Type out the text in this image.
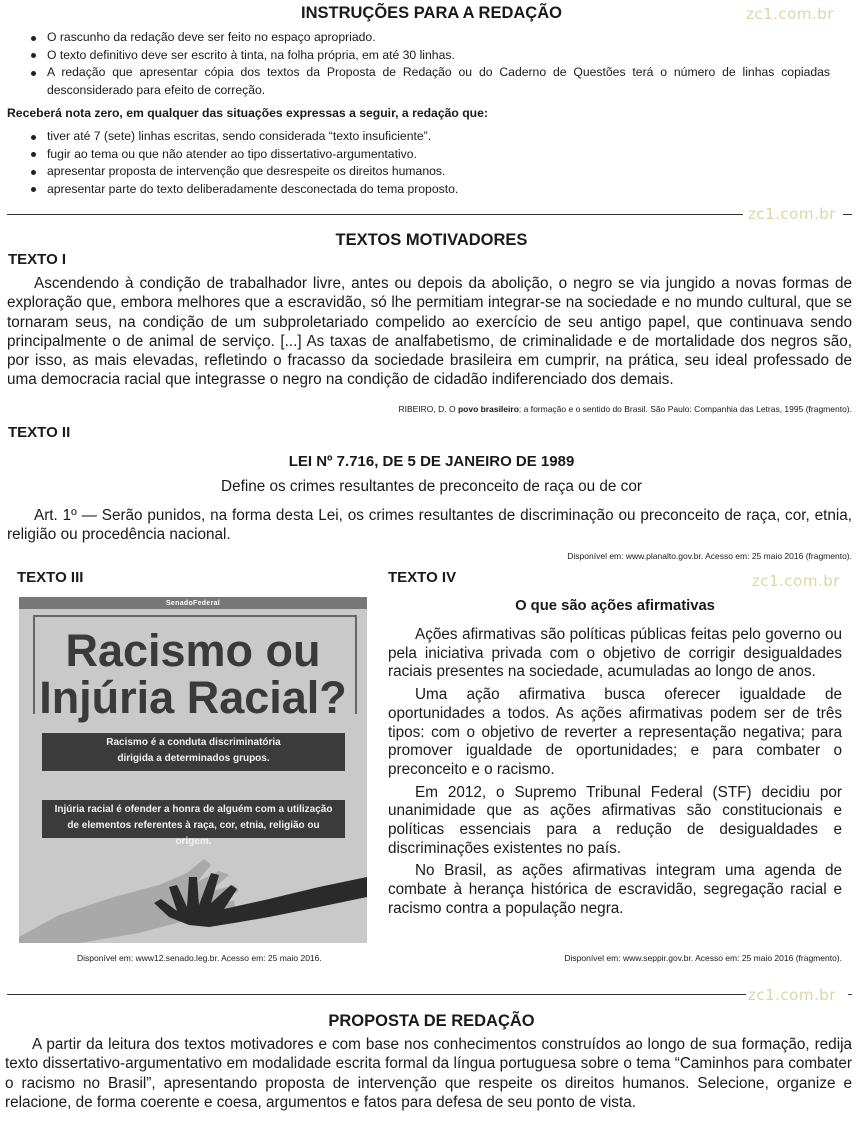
zc1.com.br
zc1.com.br
zc1.com.br
zc1.com.br
INSTRUÇÕES PARA A REDAÇÃO
O rascunho da redação deve ser feito no espaço apropriado.
O texto definitivo deve ser escrito à tinta, na folha própria, em até 30 linhas.
A redação que apresentar cópia dos textos da Proposta de Redação ou do Caderno de Questões terá o número de linhas copiadas desconsiderado para efeito de correção.
Receberá nota zero, em qualquer das situações expressas a seguir, a redação que:
tiver até 7 (sete) linhas escritas, sendo considerada “texto insuficiente”.
fugir ao tema ou que não atender ao tipo dissertativo-argumentativo.
apresentar proposta de intervenção que desrespeite os direitos humanos.
apresentar parte do texto deliberadamente desconectada do tema proposto.
TEXTOS MOTIVADORES
TEXTO I

Ascendendo à condição de trabalhador livre, antes ou depois da abolição, o negro se via jungido a novas formas de exploração que, embora melhores que a escravidão, só lhe permitiam integrar-se na sociedade e no mundo cultural, que se tornaram seus, na condição de um subproletariado compelido ao exercício de seu antigo papel, que continuava sendo principalmente o de animal de serviço. [...] As taxas de analfabetismo, de criminalidade e de mortalidade dos negros são, por isso, as mais elevadas, refletindo o fracasso da sociedade brasileira em cumprir, na prática, seu ideal professado de uma democracia racial que integrasse o negro na condição de cidadão indiferenciado dos demais.

RIBEIRO, D. O povo brasileiro: a formação e o sentido do Brasil. São Paulo: Companhia das Letras, 1995 (fragmento).
TEXTO II
LEI Nº 7.716, DE 5 DE JANEIRO DE 1989
Define os crimes resultantes de preconceito de raça ou de cor

Art. 1º — Serão punidos, na forma desta Lei, os crimes resultantes de discriminação ou preconceito de raça, cor, etnia, religião ou procedência nacional.

Disponível em: www.planalto.gov.br. Acesso em: 25 maio 2016 (fragmento).
TEXTO III
SenadoFederal
Racismo ou
Injúria Racial?
Racismo é a conduta discriminatória dirigida a determinados grupos.
Injúria racial é ofender a honra de alguém com a utilização de elementos referentes à raça, cor, etnia, religião ou origem.
Disponível em: www12.senado.leg.br. Acesso em: 25 maio 2016.
TEXTO IV
O que são ações afirmativas

Ações afirmativas são políticas públicas feitas pelo governo ou pela iniciativa privada com o objetivo de corrigir desigualdades raciais presentes na sociedade, acumuladas ao longo de anos.

Uma ação afirmativa busca oferecer igualdade de oportunidades a todos. As ações afirmativas podem ser de três tipos: com o objetivo de reverter a representação negativa; para promover igualdade de oportunidades; e para combater o preconceito e o racismo.

Em 2012, o Supremo Tribunal Federal (STF) decidiu por unanimidade que as ações afirmativas são constitucionais e políticas essenciais para a redução de desigualdades e discriminações existentes no país.

No Brasil, as ações afirmativas integram uma agenda de combate à herança histórica de escravidão, segregação racial e racismo contra a população negra.

Disponível em: www.seppir.gov.br. Acesso em: 25 maio 2016 (fragmento).
PROPOSTA DE REDAÇÃO

A partir da leitura dos textos motivadores e com base nos conhecimentos construídos ao longo de sua formação, redija texto dissertativo-argumentativo em modalidade escrita formal da língua portuguesa sobre o tema “Caminhos para combater o racismo no Brasil”, apresentando proposta de intervenção que respeite os direitos humanos. Selecione, organize e relacione, de forma coerente e coesa, argumentos e fatos para defesa de seu ponto de vista.
